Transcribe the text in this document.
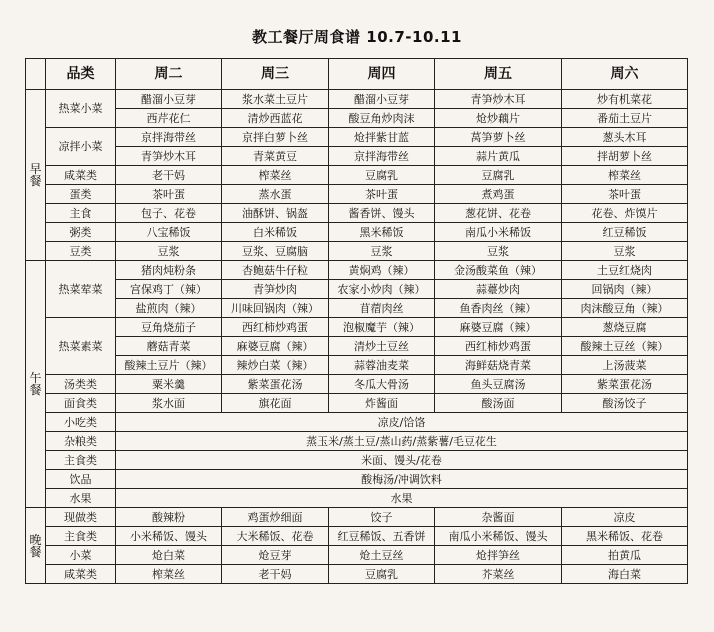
教工餐厅周食谱 10.7-10.11
	品类	周二	周三	周四	周五	周六

早
餐	热菜小菜	醋溜小豆芽	浆水菜土豆片	醋溜小豆芽	青笋炒木耳	炒有机菜花
		西芹花仁	清炒西蓝花	酸豆角炒肉沫	炝炒藕片	番茄土豆片
	凉拌小菜	京拌海带丝	京拌白萝卜丝	炝拌紫甘蓝	莴笋萝卜丝	葱头木耳
		青笋炒木耳	青菜黄豆	京拌海带丝	蒜片黄瓜	拌胡萝卜丝
	咸菜类	老干妈	榨菜丝	豆腐乳	豆腐乳	榨菜丝
	蛋类	茶叶蛋	蒸水蛋	茶叶蛋	煮鸡蛋	茶叶蛋
	主食	包子、花卷	油酥饼、锅盔	酱香饼、馒头	葱花饼、花卷	花卷、炸馍片
	粥类	八宝稀饭	白米稀饭	黑米稀饭	南瓜小米稀饭	红豆稀饭
	豆类	豆浆	豆浆、豆腐脑	豆浆	豆浆	豆浆

午
餐	热菜荤菜	猪肉炖粉条	杏鲍菇牛仔粒	黄焖鸡（辣）	金汤酸菜鱼（辣）	土豆红烧肉
		宫保鸡丁（辣）	青笋炒肉	农家小炒肉（辣）	蒜薹炒肉	回锅肉（辣）
		盐煎肉（辣）	川味回锅肉（辣）	苜蓿肉丝	鱼香肉丝（辣）	肉沫酸豆角（辣）
	热菜素菜	豆角烧茄子	西红柿炒鸡蛋	泡椒魔芋（辣）	麻婆豆腐（辣）	葱烧豆腐
		蘑菇青菜	麻婆豆腐（辣）	清炒土豆丝	西红柿炒鸡蛋	酸辣土豆丝（辣）
		酸辣土豆片（辣）	辣炒白菜（辣）	蒜蓉油麦菜	海鲜菇烧青菜	上汤菠菜
	汤类类	粟米羹	紫菜蛋花汤	冬瓜大骨汤	鱼头豆腐汤	紫菜蛋花汤
	面食类	浆水面	旗花面	炸酱面	酸汤面	酸汤饺子
	小吃类	凉皮/饸饹				
	杂粮类	蒸玉米/蒸土豆/蒸山药/蒸紫薯/毛豆花生				
	主食类	米面、馒头/花卷				
	饮品	酸梅汤/冲调饮料				
	水果	水果				

晚
餐	现做类	酸辣粉	鸡蛋炒细面	饺子	杂酱面	凉皮
	主食类	小米稀饭、馒头	大米稀饭、花卷	红豆稀饭、五香饼	南瓜小米稀饭、馒头	黑米稀饭、花卷
	小菜	炝白菜	炝豆芽	炝土豆丝	炝拌笋丝	拍黄瓜
	咸菜类	榨菜丝	老干妈	豆腐乳	芥菜丝	海白菜
